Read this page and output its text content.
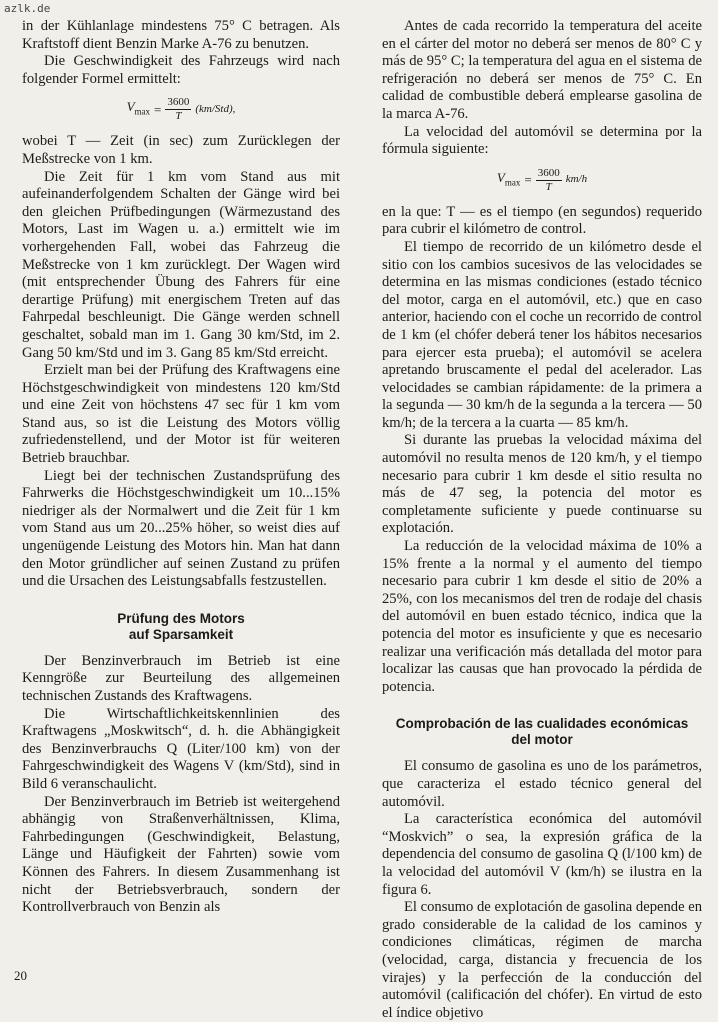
azlk.de

in der Kühlanlage mindestens 75° C betragen. Als Kraftstoff dient Benzin Marke A-76 zu benutzen.

Die Geschwindigkeit des Fahrzeugs wird nach folgender Formel ermittelt:

$V_{max} = \frac{3600}{T} (km/Std)$,

wobei T — Zeit (in sec) zum Zurücklegen der Meßstrecke von 1 km.

Die Zeit für 1 km vom Stand aus mit aufeinanderfolgendem Schalten der Gänge wird bei den gleichen Prüfbedingungen (Wärmezustand des Motors, Last im Wagen u. a.) ermittelt wie im vorhergehenden Fall, wobei das Fahrzeug die Meßstrecke von 1 km zurücklegt. Der Wagen wird (mit entsprechender Übung des Fahrers für eine derartige Prüfung) mit energischem Treten auf das Fahrpedal beschleunigt. Die Gänge werden schnell geschaltet, sobald man im 1. Gang 30 km/Std, im 2. Gang 50 km/Std und im 3. Gang 85 km/Std erreicht.

Erzielt man bei der Prüfung des Kraftwagens eine Höchstgeschwindigkeit von mindestens 120 km/Std und eine Zeit von höchstens 47 sec für 1 km vom Stand aus, so ist die Leistung des Motors völlig zufriedenstellend, und der Motor ist für weiteren Betrieb brauchbar.

Liegt bei der technischen Zustandsprüfung des Fahrwerks die Höchstgeschwindigkeit um 10...15% niedriger als der Normalwert und die Zeit für 1 km vom Stand aus um 20...25% höher, so weist dies auf ungenügende Leistung des Motors hin. Man hat dann den Motor gründlicher auf seinen Zustand zu prüfen und die Ursachen des Leistungsabfalls festzustellen.

Prüfung des Motors
auf Sparsamkeit

Der Benzinverbrauch im Betrieb ist eine Kenngröße zur Beurteilung des allgemeinen technischen Zustands des Kraftwagens.

Die Wirtschaftlichkeitskennlinien des Kraftwagens „Moskwitsch“, d. h. die Abhängigkeit des Benzinverbrauchs Q (Liter/100 km) von der Fahrgeschwindigkeit des Wagens V (km/Std), sind in Bild 6 veranschaulicht.

Der Benzinverbrauch im Betrieb ist weitergehend abhängig von Straßenverhältnissen, Klima, Fahrbedingungen (Geschwindigkeit, Belastung, Länge und Häufigkeit der Fahrten) sowie vom Können des Fahrers. In diesem Zusammenhang ist nicht der Betriebsverbrauch, sondern der Kontrollverbrauch von Benzin als

Antes de cada recorrido la temperatura del aceite en el cárter del motor no deberá ser menos de 80° C y más de 95° C; la temperatura del agua en el sistema de refrigeración no deberá ser menos de 75° C. En calidad de combustible deberá emplearse gasolina de la marca A-76.

La velocidad del automóvil se determina por la fórmula siguiente:

$V_{max} = \frac{3600}{T} km/h$

en la que: T — es el tiempo (en segundos) requerido para cubrir el kilómetro de control.

El tiempo de recorrido de un kilómetro desde el sitio con los cambios sucesivos de las velocidades se determina en las mismas condiciones (estado técnico del motor, carga en el automóvil, etc.) que en caso anterior, haciendo con el coche un recorrido de control de 1 km (el chófer deberá tener los hábitos necesarios para ejercer esta prueba); el automóvil se acelera apretando bruscamente el pedal del acelerador. Las velocidades se cambian rápidamente: de la primera a la segunda — 30 km/h de la segunda a la tercera — 50 km/h; de la tercera a la cuarta — 85 km/h.

Si durante las pruebas la velocidad máxima del automóvil no resulta menos de 120 km/h, y el tiempo necesario para cubrir 1 km desde el sitio resulta no más de 47 seg, la potencia del motor es completamente suficiente y puede continuarse su explotación.

La reducción de la velocidad máxima de 10% a 15% frente a la normal y el aumento del tiempo necesario para cubrir 1 km desde el sitio de 20% a 25%, con los mecanismos del tren de rodaje del chasis del automóvil en buen estado técnico, indica que la potencia del motor es insuficiente y que es necesario realizar una verificación más detallada del motor para localizar las causas que han provocado la pérdida de potencia.

Comprobación de las cualidades económicas
del motor

El consumo de gasolina es uno de los parámetros, que caracteriza el estado técnico general del automóvil.

La característica económica del automóvil “Moskvich” o sea, la expresión gráfica de la dependencia del consumo de gasolina Q (l/100 km) de la velocidad del automóvil V (km/h) se ilustra en la figura 6.

El consumo de explotación de gasolina depende en grado considerable de la calidad de los caminos y condiciones climáticas, régimen de marcha (velocidad, carga, distancia y frecuencia de los virajes) y la perfección de la conducción del automóvil (calificación del chófer). En virtud de esto el índice objetivo

20
